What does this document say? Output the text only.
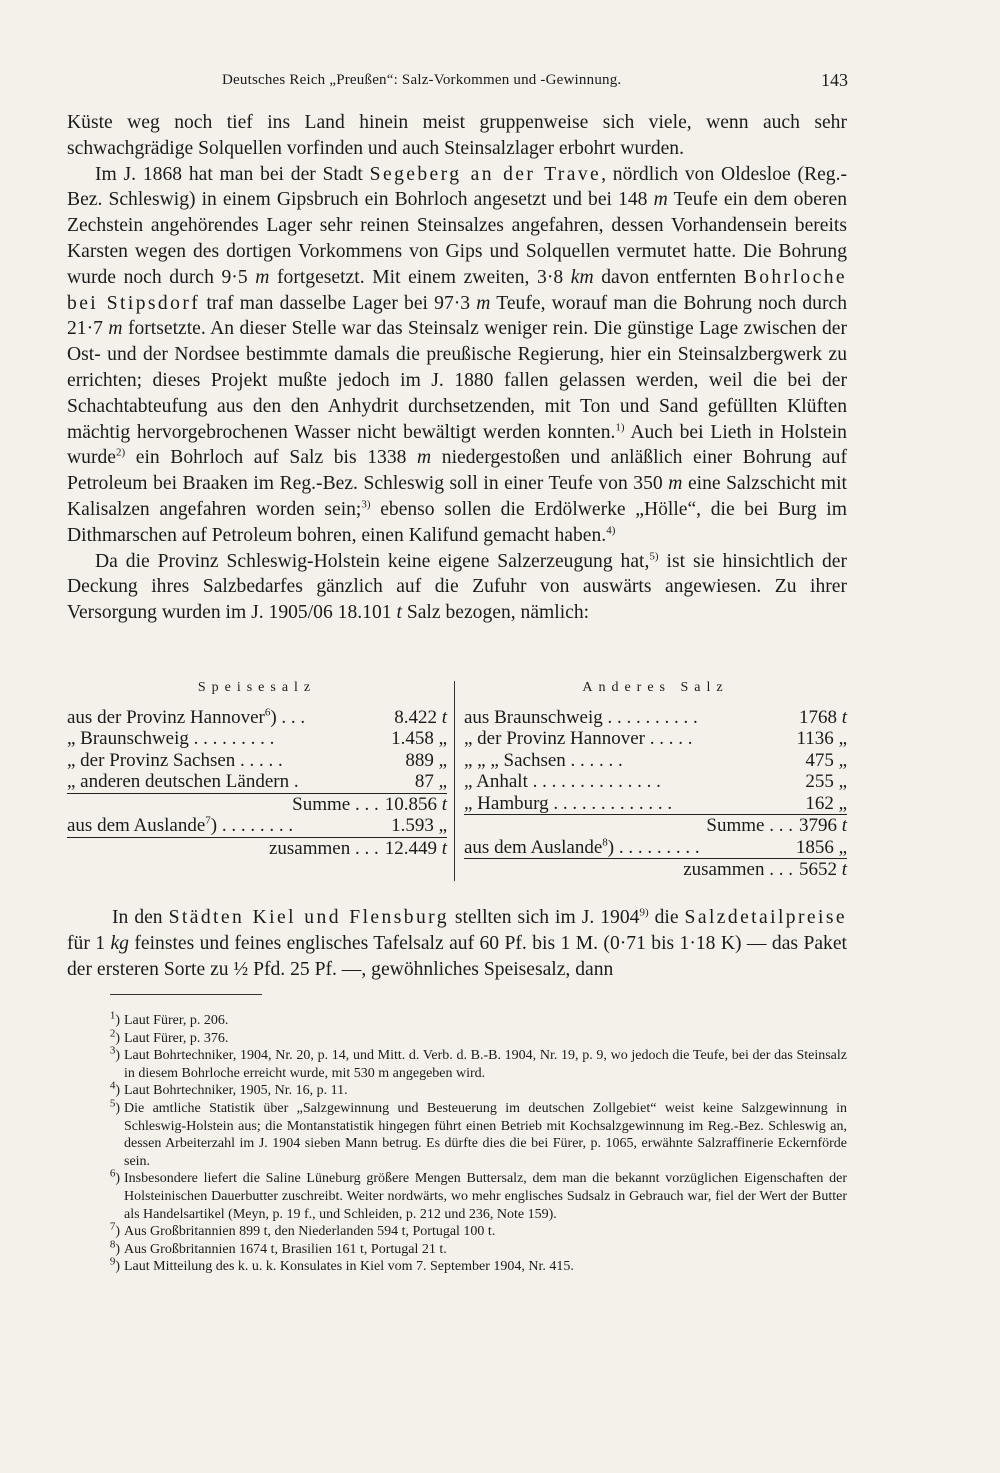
Deutsches Reich „Preußen“: Salz-Vorkommen und -Gewinnung.	143

Küste weg noch tief ins Land hinein meist gruppenweise sich viele, wenn auch sehr schwachgrädige Solquellen vorfinden und auch Steinsalzlager erbohrt wurden.

Im J. 1868 hat man bei der Stadt Segeberg an der Trave, nördlich von Oldesloe (Reg.-Bez. Schleswig) in einem Gipsbruch ein Bohrloch angesetzt und bei 148 m Teufe ein dem oberen Zechstein angehörendes Lager sehr reinen Steinsalzes angefahren, dessen Vorhandensein bereits Karsten wegen des dortigen Vorkommens von Gips und Solquellen vermutet hatte. Die Bohrung wurde noch durch 9·5 m fortgesetzt. Mit einem zweiten, 3·8 km davon entfernten Bohrloche bei Stipsdorf traf man dasselbe Lager bei 97·3 m Teufe, worauf man die Bohrung noch durch 21·7 m fortsetzte. An dieser Stelle war das Steinsalz weniger rein. Die günstige Lage zwischen der Ost- und der Nordsee bestimmte damals die preußische Regierung, hier ein Steinsalzbergwerk zu errichten; dieses Projekt mußte jedoch im J. 1880 fallen gelassen werden, weil die bei der Schachtabteufung aus den den Anhydrit durchsetzenden, mit Ton und Sand gefüllten Klüften mächtig hervorgebrochenen Wasser nicht bewältigt werden konnten.$^{1)}$ Auch bei Lieth in Holstein wurde$^{2)}$ ein Bohrloch auf Salz bis 1338 m niedergestoßen und anläßlich einer Bohrung auf Petroleum bei Braaken im Reg.-Bez. Schleswig soll in einer Teufe von 350 m eine Salzschicht mit Kalisalzen angefahren worden sein;$^{3)}$ ebenso sollen die Erdölwerke „Hölle“, die bei Burg im Dithmarschen auf Petroleum bohren, einen Kalifund gemacht haben.$^{4)}$

Da die Provinz Schleswig-Holstein keine eigene Salzerzeugung hat,$^{5)}$ ist sie hinsichtlich der Deckung ihres Salzbedarfes gänzlich auf die Zufuhr von auswärts angewiesen. Zu ihrer Versorgung wurden im J. 1905/06 18.101 t Salz bezogen, nämlich:

Speisesalz
aus der Provinz Hannover$^6$) . . .	8.422 t
„ Braunschweig . . . . . . . . .	1.458 „
„ der Provinz Sachsen . . . . .	889 „
„ anderen deutschen Ländern .	87 „
Summe . . . 10.856 t
aus dem Auslande$^7$) . . . . . . . .	1.593 „
zusammen . . . 12.449 t
Anderes Salz
aus Braunschweig . . . . . . . . . .	1768 t
„ der Provinz Hannover . . . . .	1136 „
„ „ „ Sachsen . . . . . .	475 „
„ Anhalt . . . . . . . . . . . . . .	255 „
„ Hamburg . . . . . . . . . . . . .	162 „
Summe . . . 3796 t
aus dem Auslande$^8$) . . . . . . . . .	1856 „
zusammen . . . 5652 t

In den Städten Kiel und Flensburg stellten sich im J. 1904$^{9)}$ die Salzdetailpreise für 1 kg feinstes und feines englisches Tafelsalz auf 60 Pf. bis 1 M. (0·71 bis 1·18 K) — das Paket der ersteren Sorte zu ½ Pfd. 25 Pf. —, gewöhnliches Speisesalz, dann

$^1$) Laut Fürer, p. 206.

$^2$) Laut Fürer, p. 376.

$^3$) Laut Bohrtechniker, 1904, Nr. 20, p. 14, und Mitt. d. Verb. d. B.-B. 1904, Nr. 19, p. 9, wo jedoch die Teufe, bei der das Steinsalz in diesem Bohrloche erreicht wurde, mit 530 m angegeben wird.

$^4$) Laut Bohrtechniker, 1905, Nr. 16, p. 11.

$^5$) Die amtliche Statistik über „Salzgewinnung und Besteuerung im deutschen Zollgebiet“ weist keine Salzgewinnung in Schleswig-Holstein aus; die Montanstatistik hingegen führt einen Betrieb mit Kochsalzgewinnung im Reg.-Bez. Schleswig an, dessen Arbeiterzahl im J. 1904 sieben Mann betrug. Es dürfte dies die bei Fürer, p. 1065, erwähnte Salzraffinerie Eckernförde sein.

$^6$) Insbesondere liefert die Saline Lüneburg größere Mengen Buttersalz, dem man die bekannt vorzüglichen Eigenschaften der Holsteinischen Dauerbutter zuschreibt. Weiter nordwärts, wo mehr englisches Sudsalz in Gebrauch war, fiel der Wert der Butter als Handelsartikel (Meyn, p. 19 f., und Schleiden, p. 212 und 236, Note 159).

$^7$) Aus Großbritannien 899 t, den Niederlanden 594 t, Portugal 100 t.

$^8$) Aus Großbritannien 1674 t, Brasilien 161 t, Portugal 21 t.

$^9$) Laut Mitteilung des k. u. k. Konsulates in Kiel vom 7. September 1904, Nr. 415.
